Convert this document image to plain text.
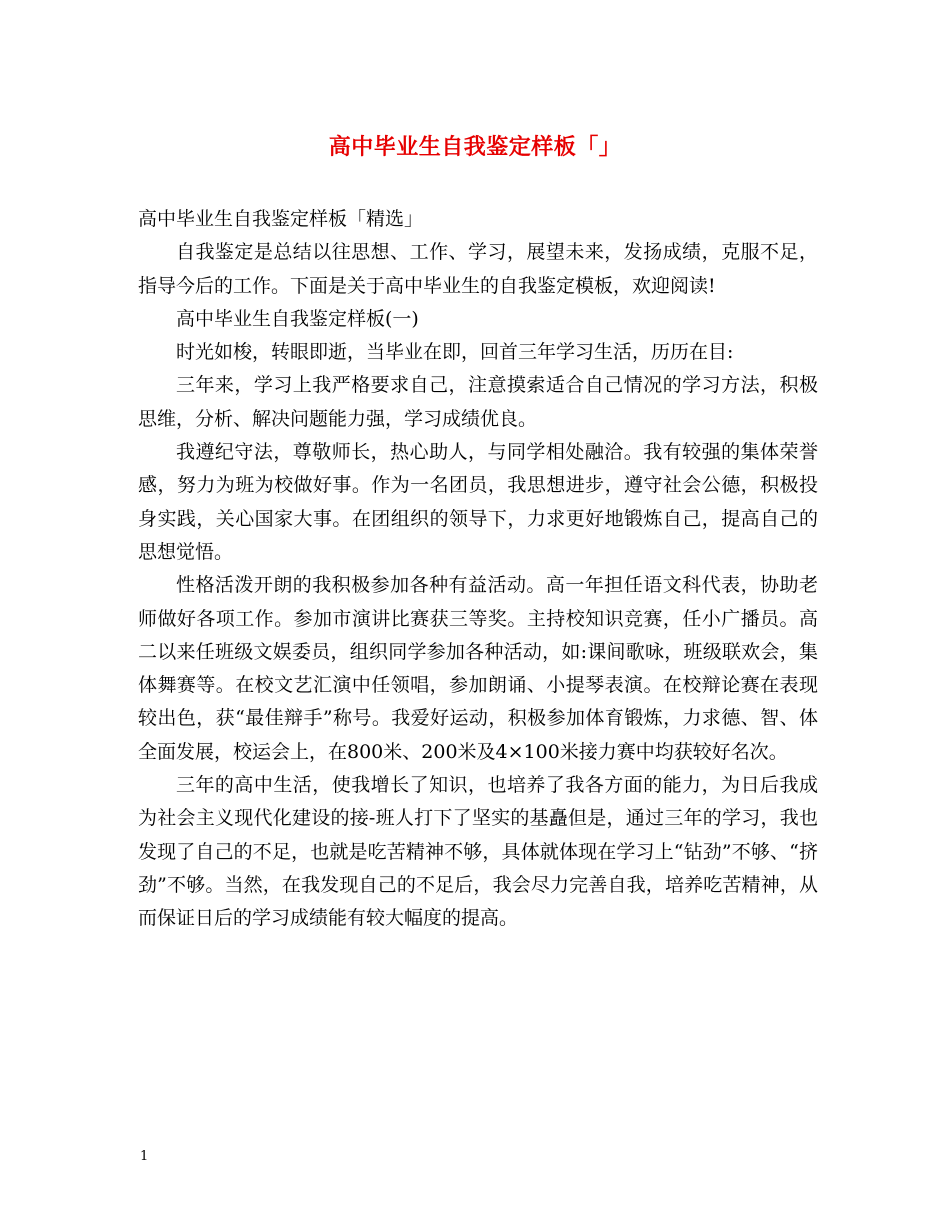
高中毕业生自我鉴定样板「」

高中毕业生自我鉴定样板「精选」

自我鉴定是总结以往思想、工作、学习，展望未来，发扬成绩，克服不足，指导今后的工作。下面是关于高中毕业生的自我鉴定模板，欢迎阅读!

高中毕业生自我鉴定样板(一)

时光如梭，转眼即逝，当毕业在即，回首三年学习生活，历历在目:

三年来，学习上我严格要求自己，注意摸索适合自己情况的学习方法，积极思维，分析、解决问题能力强，学习成绩优良。

我遵纪守法，尊敬师长，热心助人，与同学相处融洽。我有较强的集体荣誉感，努力为班为校做好事。作为一名团员，我思想进步，遵守社会公德，积极投身实践，关心国家大事。在团组织的领导下，力求更好地锻炼自己，提高自己的思想觉悟。

性格活泼开朗的我积极参加各种有益活动。高一年担任语文科代表，协助老师做好各项工作。参加市演讲比赛获三等奖。主持校知识竞赛，任小广播员。高二以来任班级文娱委员，组织同学参加各种活动，如:课间歌咏，班级联欢会，集体舞赛等。在校文艺汇演中任领唱，参加朗诵、小提琴表演。在校辩论赛在表现较出色，获“最佳辩手”称号。我爱好运动，积极参加体育锻炼，力求德、智、体全面发展，校运会上，在800米、200米及4×100米接力赛中均获较好名次。

三年的高中生活，使我增长了知识，也培养了我各方面的能力，为日后我成为社会主义现代化建设的接-班人打下了坚实的基矗但是，通过三年的学习，我也发现了自己的不足，也就是吃苦精神不够，具体就体现在学习上“钻劲”不够、“挤劲”不够。当然，在我发现自己的不足后，我会尽力完善自我，培养吃苦精神，从而保证日后的学习成绩能有较大幅度的提高。

1
